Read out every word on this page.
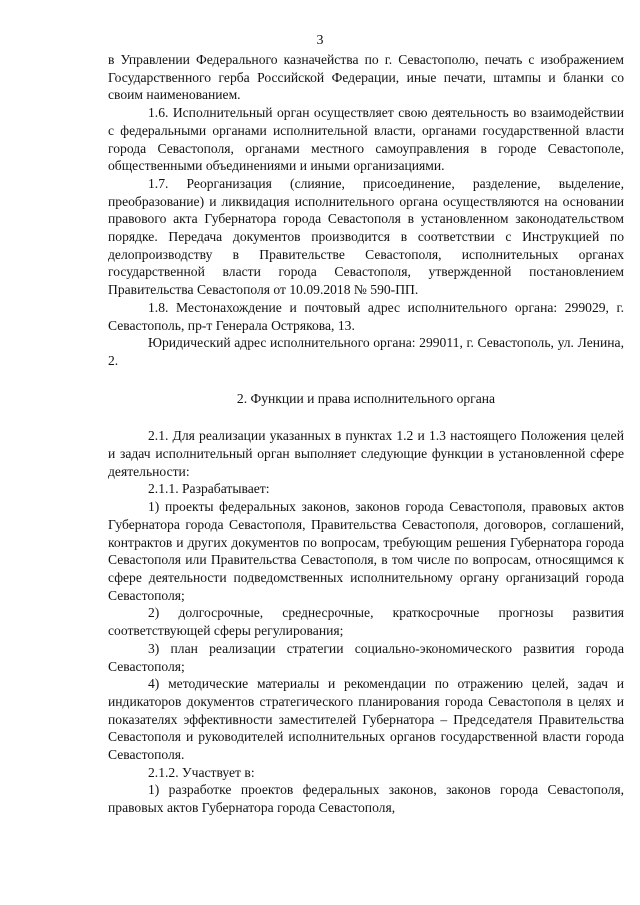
3

в Управлении Федерального казначейства по г. Севастополю, печать с изображением Государственного герба Российской Федерации, иные печати, штампы и бланки со своим наименованием.

1.6. Исполнительный орган осуществляет свою деятельность во взаимодействии с федеральными органами исполнительной власти, органами государственной власти города Севастополя, органами местного самоуправления в городе Севастополе, общественными объединениями и иными организациями.

1.7. Реорганизация (слияние, присоединение, разделение, выделение, преобразование) и ликвидация исполнительного органа осуществляются на основании правового акта Губернатора города Севастополя в установленном законодательством порядке. Передача документов производится в соответствии с Инструкцией по делопроизводству в Правительстве Севастополя, исполнительных органах государственной власти города Севастополя, утвержденной постановлением Правительства Севастополя от 10.09.2018 № 590-ПП.

1.8. Местонахождение и почтовый адрес исполнительного органа: 299029, г. Севастополь, пр-т Генерала Острякова, 13.

Юридический адрес исполнительного органа: 299011, г. Севастополь, ул. Ленина, 2.

2. Функции и права исполнительного органа

2.1. Для реализации указанных в пунктах 1.2 и 1.3 настоящего Положения целей и задач исполнительный орган выполняет следующие функции в установленной сфере деятельности:

2.1.1. Разрабатывает:

1) проекты федеральных законов, законов города Севастополя, правовых актов Губернатора города Севастополя, Правительства Севастополя, договоров, соглашений, контрактов и других документов по вопросам, требующим решения Губернатора города Севастополя или Правительства Севастополя, в том числе по вопросам, относящимся к сфере деятельности подведомственных исполнительному органу организаций города Севастополя;

2) долгосрочные, среднесрочные, краткосрочные прогнозы развития соответствующей сферы регулирования;

3) план реализации стратегии социально-экономического развития города Севастополя;

4) методические материалы и рекомендации по отражению целей, задач и индикаторов документов стратегического планирования города Севастополя в целях и показателях эффективности заместителей Губернатора – Председателя Правительства Севастополя и руководителей исполнительных органов государственной власти города Севастополя.

2.1.2. Участвует в:

1) разработке проектов федеральных законов, законов города Севастополя, правовых актов Губернатора города Севастополя,
